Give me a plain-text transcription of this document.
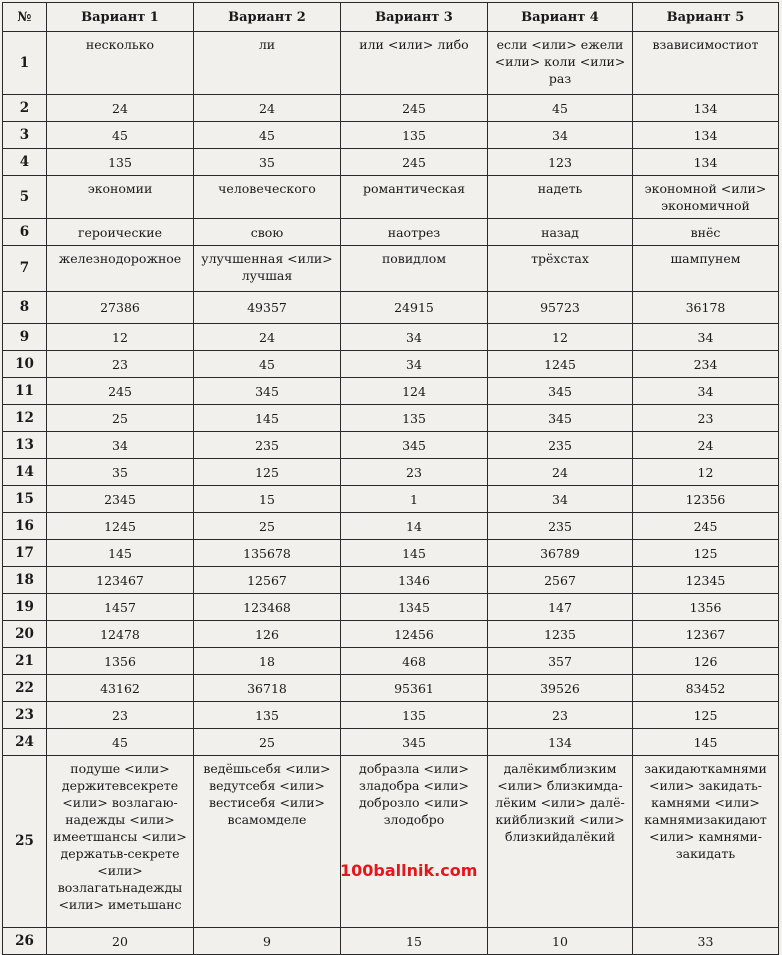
№	Вариант 1	Вариант 2	Вариант 3	Вариант 4	Вариант 5
1	несколько	ли	или <или> либо	если <или> ежели <или> коли <или> раз	взависимостиот
2	24	24	245	45	134
3	45	45	135	34	134
4	135	35	245	123	134
5	экономии	человеческого	романтическая	надеть	экономной <или> экономичной
6	героические	свою	наотрез	назад	внёс
7	железнодорожное	улучшенная <или> лучшая	повидлом	трёхстах	шампунем
8	27386	49357	24915	95723	36178
9	12	24	34	12	34
10	23	45	34	1245	234
11	245	345	124	345	34
12	25	145	135	345	23
13	34	235	345	235	24
14	35	125	23	24	12
15	2345	15	1	34	12356
16	1245	25	14	235	245
17	145	135678	145	36789	125
18	123467	12567	1346	2567	12345
19	1457	123468	1345	147	1356
20	12478	126	12456	1235	12367
21	1356	18	468	357	126
22	43162	36718	95361	39526	83452
23	23	135	135	23	125
24	45	25	345	134	145
25	подуше <или> держитевсекрете <или> возлагаю-надежды <или> имеетшансы <или> держатьв-секрете <или> возлагатьнадежды <или> иметьшанс	ведёшьсебя <или> ведутсебя <или> вестисебя <или> всамомделе	добразла <или> зладобра <или> доброзло <или> злодобро	далёкимблизким <или> близкимда-лёким <или> далё-кийблизкий <или> близкийдалёкий	закидаюткамнями <или> закидать-камнями <или> камнямизакидают <или> камнями-закидать
26	20	9	15	10	33
100ballnik.com
